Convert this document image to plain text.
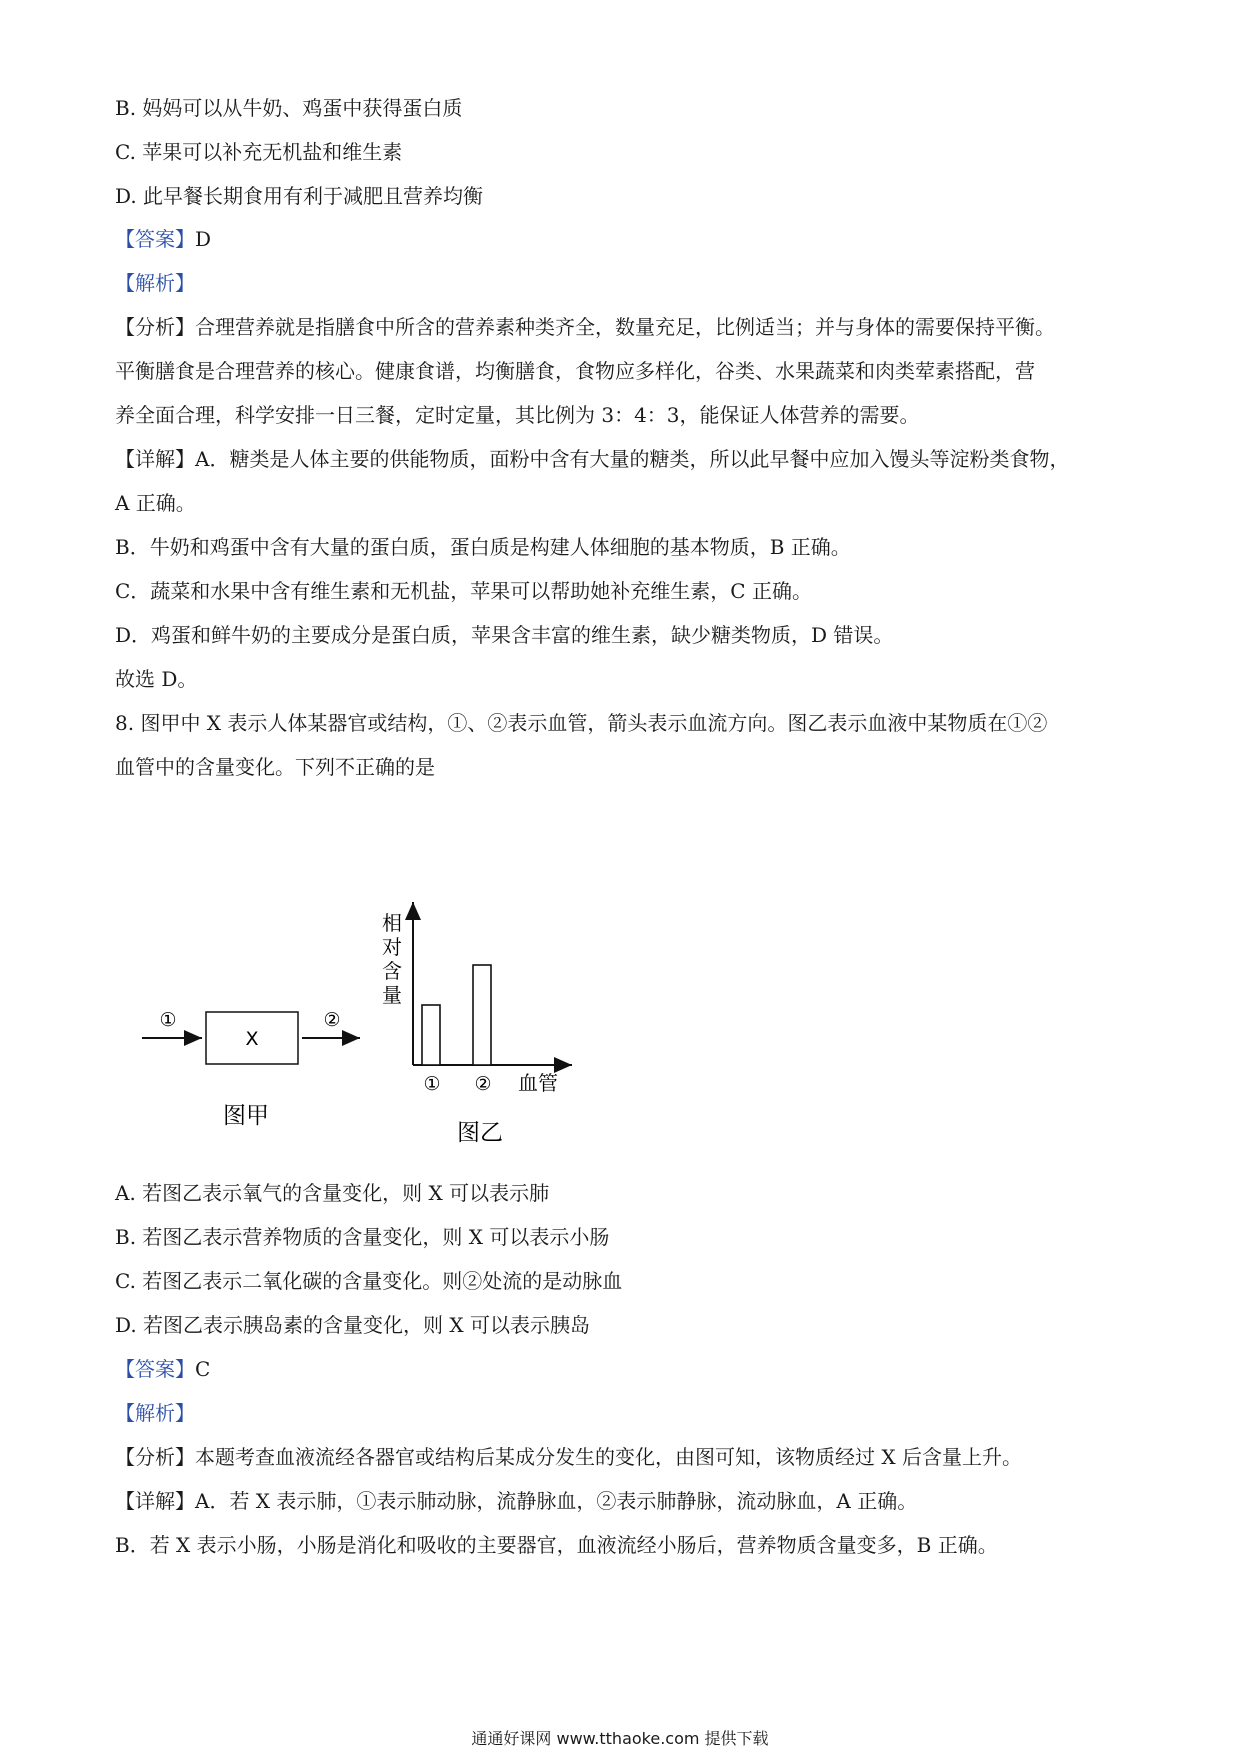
B. 妈妈可以从牛奶、鸡蛋中获得蛋白质
C. 苹果可以补充无机盐和维生素
D. 此早餐长期食用有利于减肥且营养均衡
【答案】D
【解析】
【分析】合理营养就是指膳食中所含的营养素种类齐全，数量充足，比例适当；并与身体的需要保持平衡。
平衡膳食是合理营养的核心。健康食谱，均衡膳食，食物应多样化，谷类、水果蔬菜和肉类荤素搭配，营
养全面合理，科学安排一日三餐，定时定量，其比例为 3：4：3，能保证人体营养的需要。
【详解】A．糖类是人体主要的供能物质，面粉中含有大量的糖类，所以此早餐中应加入馒头等淀粉类食物，
A 正确。
B．牛奶和鸡蛋中含有大量的蛋白质，蛋白质是构建人体细胞的基本物质，B 正确。
C．蔬菜和水果中含有维生素和无机盐，苹果可以帮助她补充维生素，C 正确。
D．鸡蛋和鲜牛奶的主要成分是蛋白质，苹果含丰富的维生素，缺少糖类物质，D 错误。
故选 D。
8. 图甲中 X 表示人体某器官或结构，①、②表示血管，箭头表示血流方向。图乙表示血液中某物质在①②
血管中的含量变化。下列不正确的是
①
X
②
图甲
相
对
含
量
① ② 血管
图乙
A. 若图乙表示氧气的含量变化，则 X 可以表示肺
B. 若图乙表示营养物质的含量变化，则 X 可以表示小肠
C. 若图乙表示二氧化碳的含量变化。则②处流的是动脉血
D. 若图乙表示胰岛素的含量变化，则 X 可以表示胰岛
【答案】C
【解析】
【分析】本题考查血液流经各器官或结构后某成分发生的变化，由图可知，该物质经过 X 后含量上升。
【详解】A．若 X 表示肺，①表示肺动脉，流静脉血，②表示肺静脉，流动脉血，A 正确。
B．若 X 表示小肠，小肠是消化和吸收的主要器官，血液流经小肠后，营养物质含量变多，B 正确。
通通好课网 www.tthaoke.com 提供下载
